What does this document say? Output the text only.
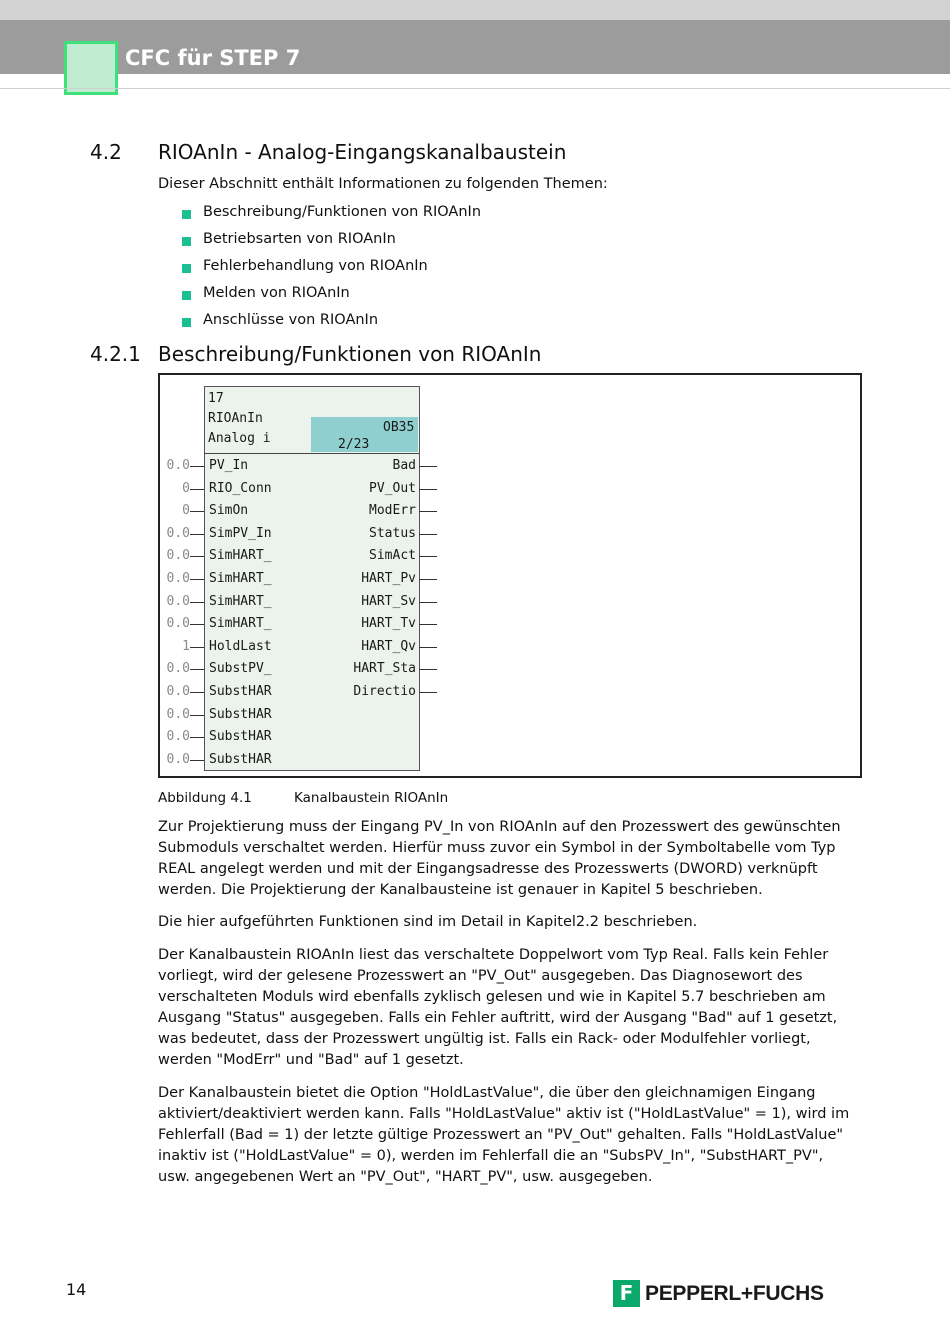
CFC für STEP 7
4.2 RIOAnIn - Analog-Eingangskanalbaustein
Dieser Abschnitt enthält Informationen zu folgenden Themen:
Beschreibung/Funktionen von RIOAnIn
Betriebsarten von RIOAnIn
Fehlerbehandlung von RIOAnIn
Melden von RIOAnIn
Anschlüsse von RIOAnIn
4.2.1 Beschreibung/Funktionen von RIOAnIn
17
RIOAnIn
Analog i
OB35
2/23
0.0 PV_In
0 RIO_Conn
0 SimOn
0.0 SimPV_In
0.0 SimHART_
0.0 SimHART_
0.0 SimHART_
0.0 SimHART_
1 HoldLast
0.0 SubstPV_
0.0 SubstHAR
0.0 SubstHAR
0.0 SubstHAR
0.0 SubstHAR
Bad
PV_Out
ModErr
Status
SimAct
HART_Pv
HART_Sv
HART_Tv
HART_Qv
HART_Sta
Directio
Abbildung 4.1	Kanalbaustein RIOAnIn

Zur Projektierung muss der Eingang PV_In von RIOAnIn auf den Prozesswert des gewünschten Submoduls verschaltet werden. Hierfür muss zuvor ein Symbol in der Symboltabelle vom Typ REAL angelegt werden und mit der Eingangsadresse des Prozesswerts (DWORD) verknüpft werden. Die Projektierung der Kanalbausteine ist genauer in Kapitel 5 beschrieben.

Die hier aufgeführten Funktionen sind im Detail in Kapitel2.2 beschrieben.

Der Kanalbaustein RIOAnIn liest das verschaltete Doppelwort vom Typ Real. Falls kein Fehler vorliegt, wird der gelesene Prozesswert an "PV_Out" ausgegeben. Das Diagnosewort des verschalteten Moduls wird ebenfalls zyklisch gelesen und wie in Kapitel 5.7 beschrieben am Ausgang "Status" ausgegeben. Falls ein Fehler auftritt, wird der Ausgang "Bad" auf 1 gesetzt, was bedeutet, dass der Prozesswert ungültig ist. Falls ein Rack- oder Modulfehler vorliegt, werden "ModErr" und "Bad" auf 1 gesetzt.

Der Kanalbaustein bietet die Option "HoldLastValue", die über den gleichnamigen Eingang aktiviert/deaktiviert werden kann. Falls "HoldLastValue" aktiv ist ("HoldLastValue" = 1), wird im Fehlerfall (Bad = 1) der letzte gültige Prozesswert an "PV_Out" gehalten. Falls "HoldLastValue" inaktiv ist ("HoldLastValue" = 0), werden im Fehlerfall die an "SubsPV_In", "SubstHART_PV", usw. angegebenen Wert an "PV_Out", "HART_PV", usw. ausgegeben.

14	F PEPPERL+FUCHS
